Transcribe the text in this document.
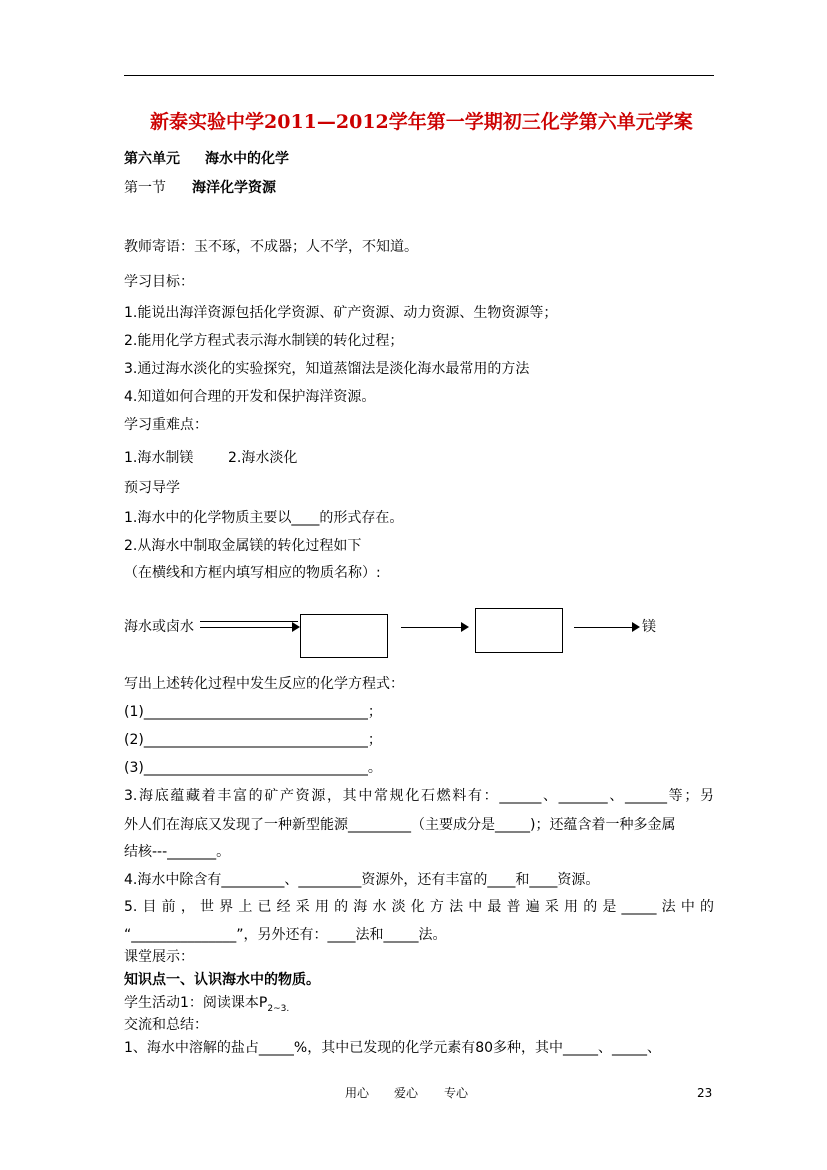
新泰实验中学2011—2012学年第一学期初三化学第六单元学案
第六单元 海水中的化学
第一节 海洋化学资源
教师寄语：玉不琢，不成器；人不学，不知道。
学习目标：
1.能说出海洋资源包括化学资源、矿产资源、动力资源、生物资源等；
2.能用化学方程式表示海水制镁的转化过程；
3.通过海水淡化的实验探究，知道蒸馏法是淡化海水最常用的方法
4.知道如何合理的开发和保护海洋资源。
学习重难点：
1.海水制镁 2.海水淡化
预习导学
1.海水中的化学物质主要以____的形式存在。
2.从海水中制取金属镁的转化过程如下
（在横线和方框内填写相应的物质名称）:
海水或卤水	镁
写出上述转化过程中发生反应的化学方程式：
(1)________________________________；
(2)________________________________；
(3)________________________________。
3.海底蕴藏着丰富的矿产资源，其中常规化石燃料有：______、_______、______等；另
外人们在海底又发现了一种新型能源_________（主要成分是_____)；还蕴含着一种多金属
结核---_______。
4.海水中除含有_________、_________资源外，还有丰富的____和____资源。
5.目前，世界上已经采用的海水淡化方法中最普遍采用的是_____法中的
“_______________”，另外还有：____法和_____法。
课堂展示：
知识点一、认识海水中的物质。
学生活动1：阅读课本$P_{2\sim 3.}$
交流和总结：
1、海水中溶解的盐占_____%，其中已发现的化学元素有80多种，其中_____、_____、
用心 爱心 专心	23
